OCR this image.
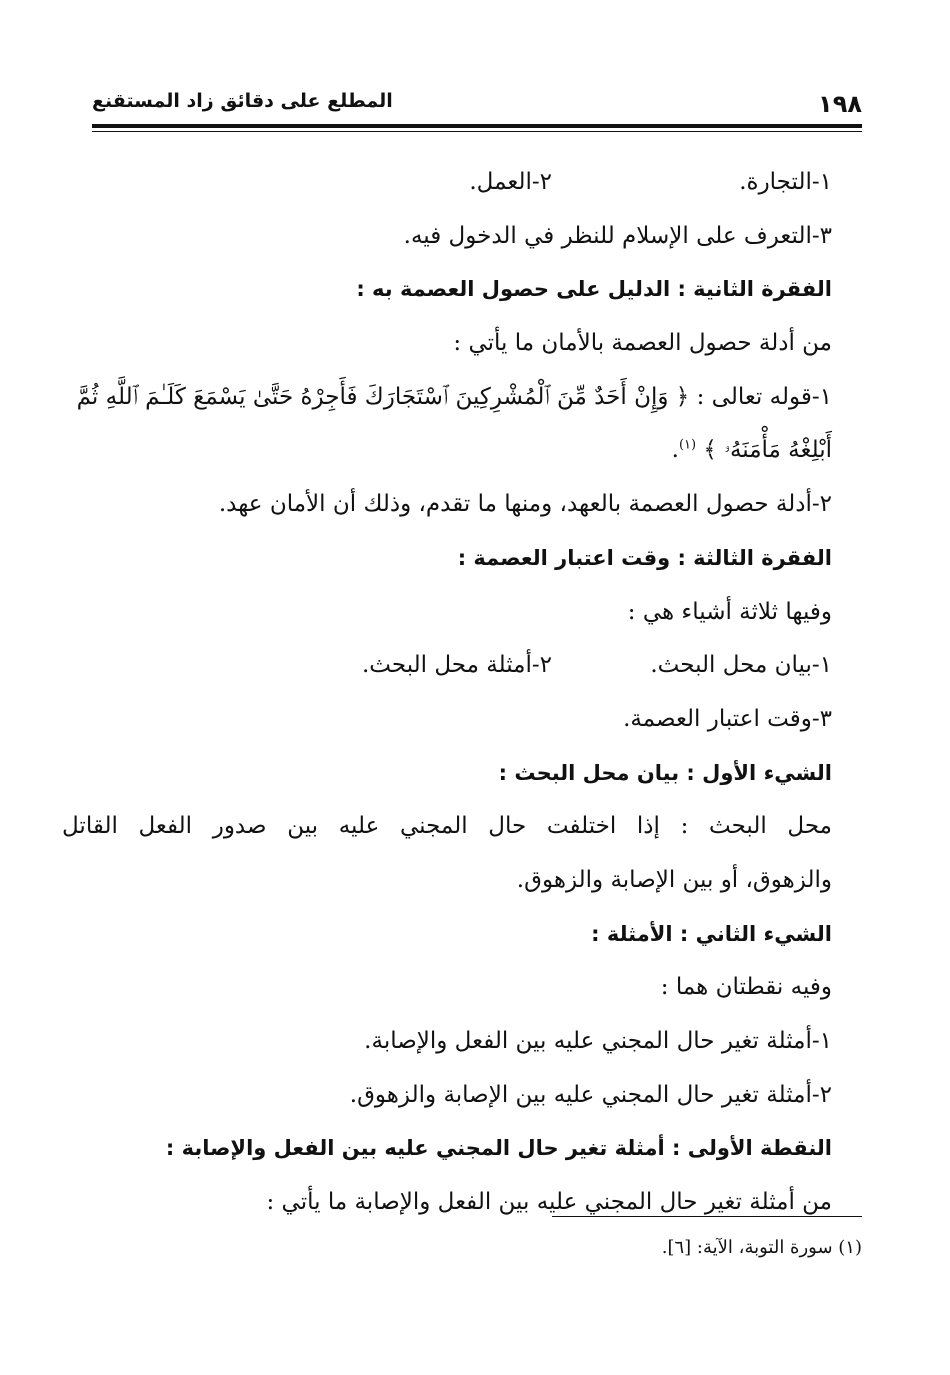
١٩٨
المطلع على دقائق زاد المستقنع
١-التجارة.
٢-العمل.
٣-التعرف على الإسلام للنظر في الدخول فيه.
الفقرة الثانية : الدليل على حصول العصمة به :
من أدلة حصول العصمة بالأمان ما يأتي :
١-قوله تعالى : ﴿ وَإِنْ أَحَدٌ مِّنَ ٱلْمُشْرِكِينَ ٱسْتَجَارَكَ فَأَجِرْهُ حَتَّىٰ يَسْمَعَ كَلَـٰمَ ٱللَّهِ ثُمَّ أَبْلِغْهُ مَأْمَنَهُۥ ﴾ $^{(١)}$.
٢-أدلة حصول العصمة بالعهد، ومنها ما تقدم، وذلك أن الأمان عهد.
الفقرة الثالثة : وقت اعتبار العصمة :
وفيها ثلاثة أشياء هي :
١-بيان محل البحث.
٢-أمثلة محل البحث.
٣-وقت اعتبار العصمة.
الشيء الأول : بيان محل البحث :
محل البحث : إذا اختلفت حال المجني عليه بين صدور الفعل القاتل
والزهوق، أو بين الإصابة والزهوق.
الشيء الثاني : الأمثلة :
وفيه نقطتان هما :
١-أمثلة تغير حال المجني عليه بين الفعل والإصابة.
٢-أمثلة تغير حال المجني عليه بين الإصابة والزهوق.
النقطة الأولى : أمثلة تغير حال المجني عليه بين الفعل والإصابة :
من أمثلة تغير حال المجني عليه بين الفعل والإصابة ما يأتي :
(١) سورة التوبة، الآية: [٦].
